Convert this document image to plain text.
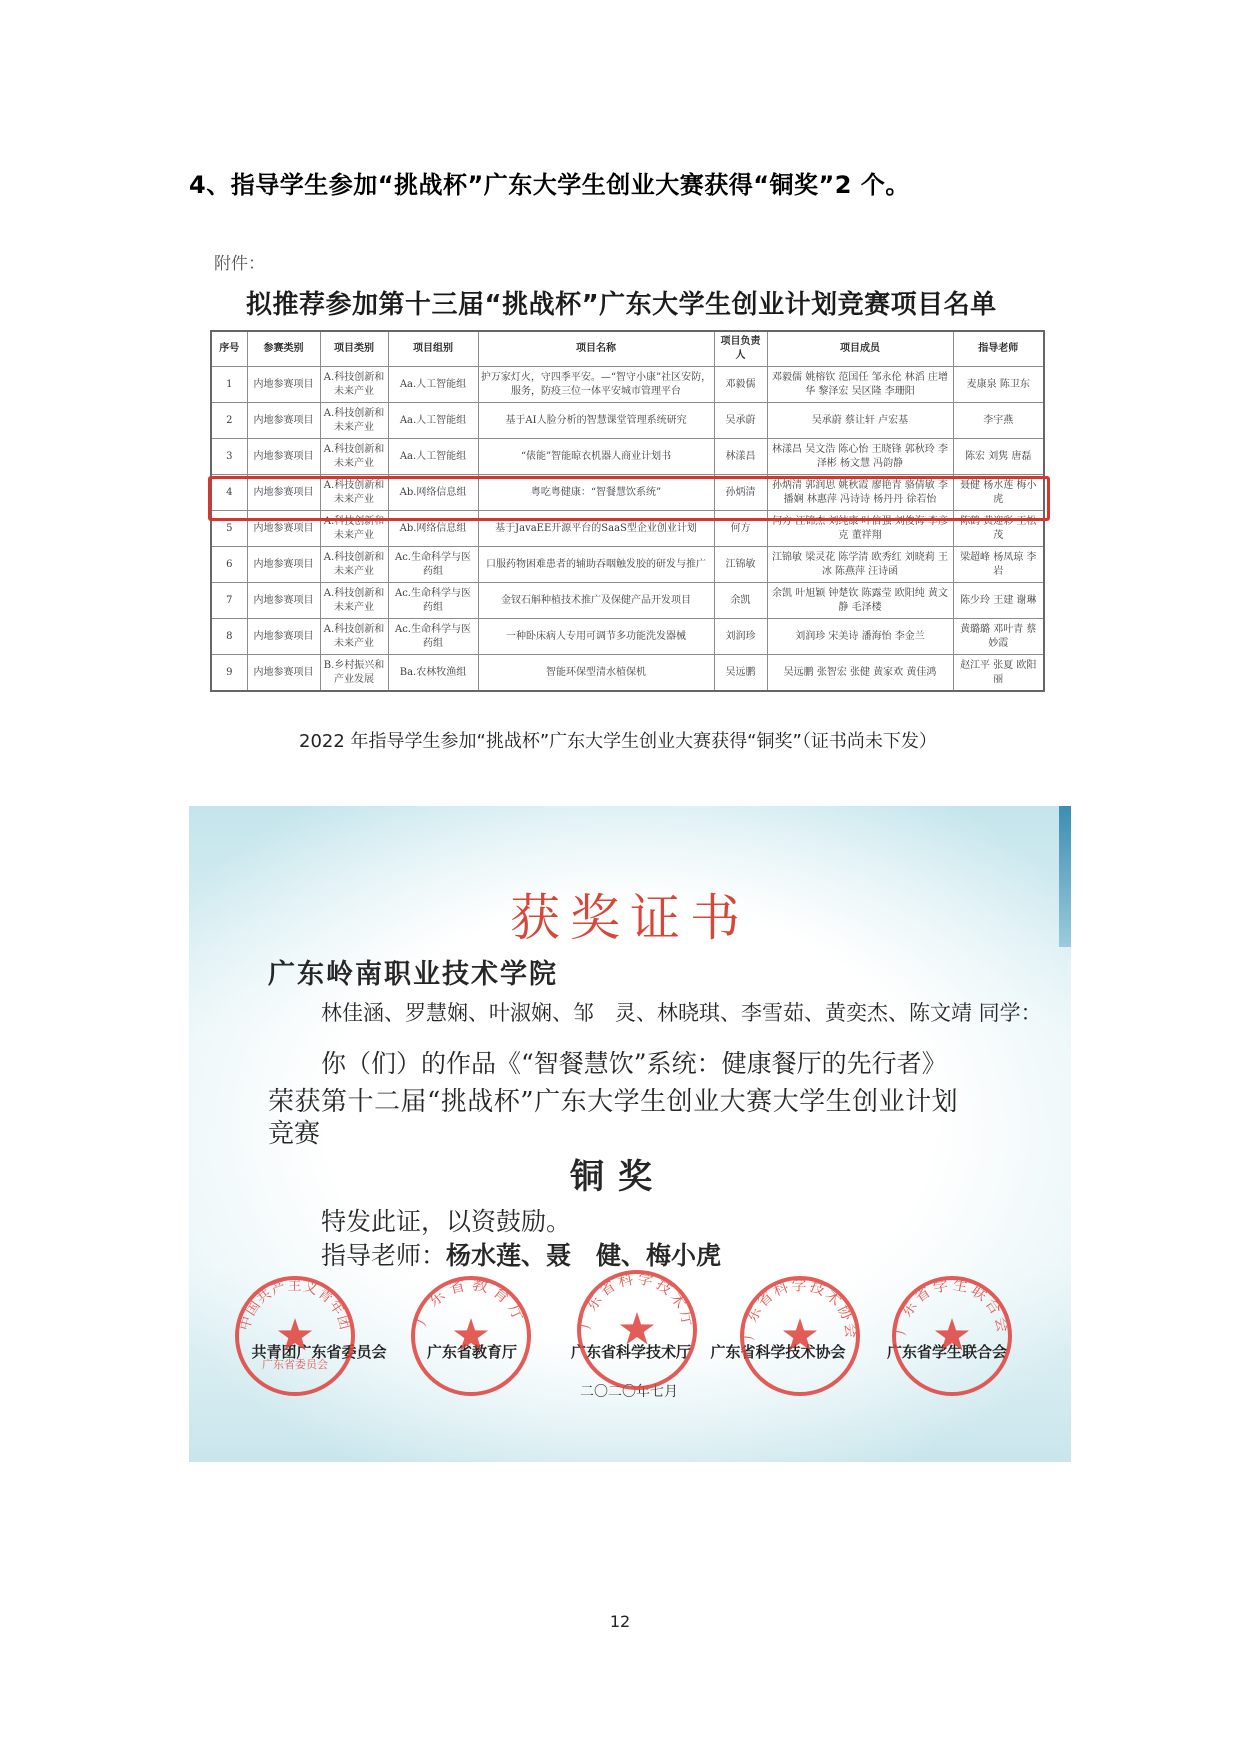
4、指导学生参加“挑战杯”广东大学生创业大赛获得“铜奖”2 个。
附件：
拟推荐参加第十三届“挑战杯”广东大学生创业计划竞赛项目名单
序号	参赛类别	项目类别	项目组别	项目名称	项目负责人	项目成员	指导老师

1	内地参赛项目	A.科技创新和未来产业	Aa.人工智能组	护万家灯火，守四季平安。—“智守小康”社区安防，服务，防疫三位一体平安城市管理平台	邓毅儒	邓毅儒 姚榕钦 范国任 邹永伦 林滔 庄增华 黎泽宏 吴区隆 李珊阳	麦康泉 陈卫东

2	内地参赛项目	A.科技创新和未来产业	Aa.人工智能组	基于AI人脸分析的智慧课堂管理系统研究	吴承蔚	吴承蔚 蔡让轩 卢宏基	李宇燕

3	内地参赛项目	A.科技创新和未来产业	Aa.人工智能组	“俵能”智能晾衣机器人商业计划书	林漾昌	林漾昌 吴文浩 陈心怡 王晓锋 郭秋玲 李泽彬 杨文慧 冯韵静	陈宏 刘隽 唐磊

4	内地参赛项目	A.科技创新和未来产业	Ab.网络信息组	粤吃粤健康：“智餐慧饮系统”	孙炳清	孙炳清 郭润思 姚秋霞 廖艳青 骆倩敏 李播娴 林惠萍 冯诗诗 杨丹丹 徐若怡	聂健 杨水莲 梅小虎

5	内地参赛项目	A.科技创新和未来产业	Ab.网络信息组	基于JavaEE开源平台的SaaS型企业创业计划	何方	何方 汪锦杰 刘纯康 叶倍强 刘俊海 李彦克 董祥翔	陈鹤 黄迎彩 王松茂

6	内地参赛项目	A.科技创新和未来产业	Ac.生命科学与医药组	口服药物困难患者的辅助吞咽触发胶的研发与推广	江锦敏	江锦敏 梁灵花 陈学清 欧秀红 刘晓莉 王冰 陈燕萍 汪诗函	梁超峰 杨凤琼 李岩

7	内地参赛项目	A.科技创新和未来产业	Ac.生命科学与医药组	金钗石斛种植技术推广及保健产品开发项目	余凯	余凯 叶旭颖 钟楚钦 陈露莹 欧阳纯 黄文静 毛泽楼	陈少玲 王建 谢琳

8	内地参赛项目	A.科技创新和未来产业	Ac.生命科学与医药组	一种卧床病人专用可调节多功能洗发器械	刘润珍	刘润珍 宋美诗 潘海怡 李金兰	黄璐璐 邓叶青 蔡妙霞

9	内地参赛项目	B.乡村振兴和产业发展	Ba.农林牧渔组	智能环保型清水植保机	吴远鹏	吴远鹏 张智宏 张健 黄家欢 黄佳鸿	赵江平 张夏 欧阳丽
2022 年指导学生参加“挑战杯”广东大学生创业大赛获得“铜奖”（证书尚未下发）
获奖证书
广东岭南职业技术学院
林佳涵、罗慧娴、叶淑娴、邹　灵、林晓琪、李雪茹、黄奕杰、陈文靖 同学：
你（们）的作品《“智餐慧饮”系统：健康餐厅的先行者》
荣获第十二届“挑战杯”广东大学生创业大赛大学生创业计划
竞赛
铜奖
特发此证，以资鼓励。
指导老师：杨水莲、聂　健、梅小虎
共青团广东省委员会	广东省教育厅	广东省科学技术厅 广东省科学技术协会	广东省学生联合会
二〇二〇年七月
中国共产主义青年团
广东省委员会
广东省教育厅	广东省科学技术厅
广东省科学技术协会 广东省学生联合会
12
